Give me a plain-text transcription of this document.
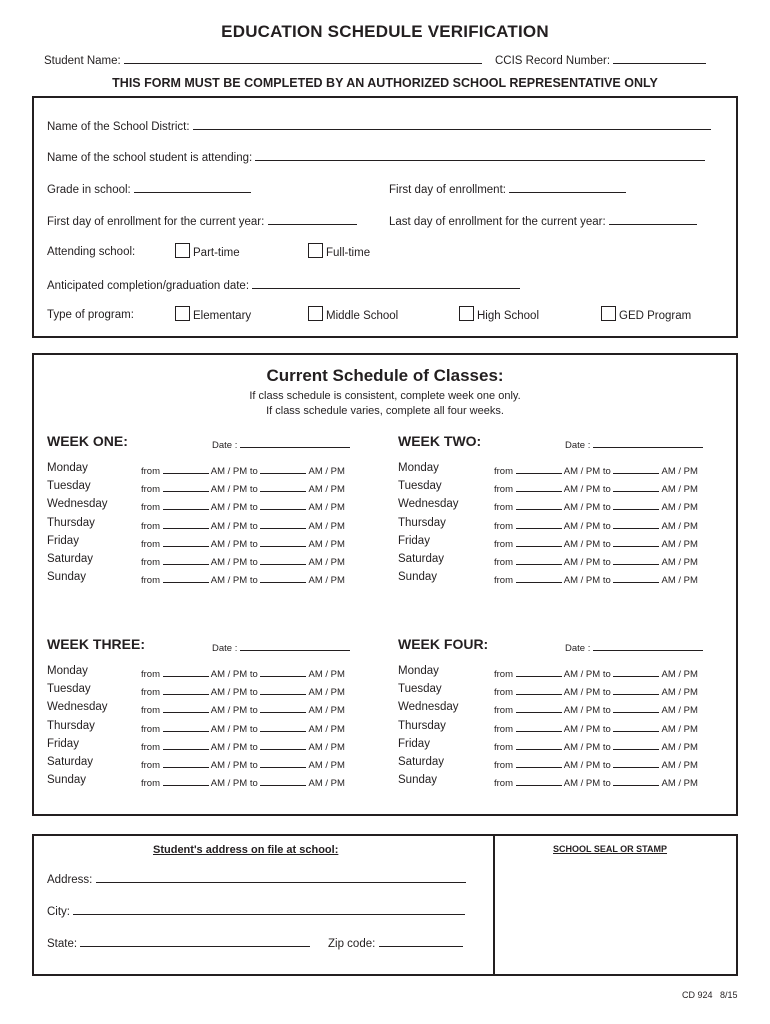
EDUCATION SCHEDULE VERIFICATION
Student Name:	CCIS Record Number:
THIS FORM MUST BE COMPLETED BY AN AUTHORIZED SCHOOL REPRESENTATIVE ONLY
Name of the School District:
Name of the school student is attending:
Grade in school:	First day of enrollment:
First day of enrollment for the current year:	Last day of enrollment for the current year:
Attending school:	Part-time	Full-time
Anticipated completion/graduation date:
Type of program:	Elementary	Middle School	High School	GED Program
Current Schedule of Classes:
If class schedule is consistent, complete week one only.
If class schedule varies, complete all four weeks.
WEEK ONE:	Date :
Monday	from	AM / PM to	AM / PM
Tuesday	from	AM / PM to	AM / PM
Wednesday	from	AM / PM to	AM / PM
Thursday	from	AM / PM to	AM / PM
Friday	from	AM / PM to	AM / PM
Saturday	from	AM / PM to	AM / PM
Sunday	from	AM / PM to	AM / PM
WEEK TWO:	Date :
Monday	from	AM / PM to	AM / PM
Tuesday	from	AM / PM to	AM / PM
Wednesday	from	AM / PM to	AM / PM
Thursday	from	AM / PM to	AM / PM
Friday	from	AM / PM to	AM / PM
Saturday	from	AM / PM to	AM / PM
Sunday	from	AM / PM to	AM / PM
WEEK THREE:	Date :
Monday	from	AM / PM to	AM / PM
Tuesday	from	AM / PM to	AM / PM
Wednesday	from	AM / PM to	AM / PM
Thursday	from	AM / PM to	AM / PM
Friday	from	AM / PM to	AM / PM
Saturday	from	AM / PM to	AM / PM
Sunday	from	AM / PM to	AM / PM
WEEK FOUR:	Date :
Monday	from	AM / PM to	AM / PM
Tuesday	from	AM / PM to	AM / PM
Wednesday	from	AM / PM to	AM / PM
Thursday	from	AM / PM to	AM / PM
Friday	from	AM / PM to	AM / PM
Saturday	from	AM / PM to	AM / PM
Sunday	from	AM / PM to	AM / PM
Student's address on file at school:
Address:
City:
State:	Zip code:
SCHOOL SEAL OR STAMP
CD 924 8/15
